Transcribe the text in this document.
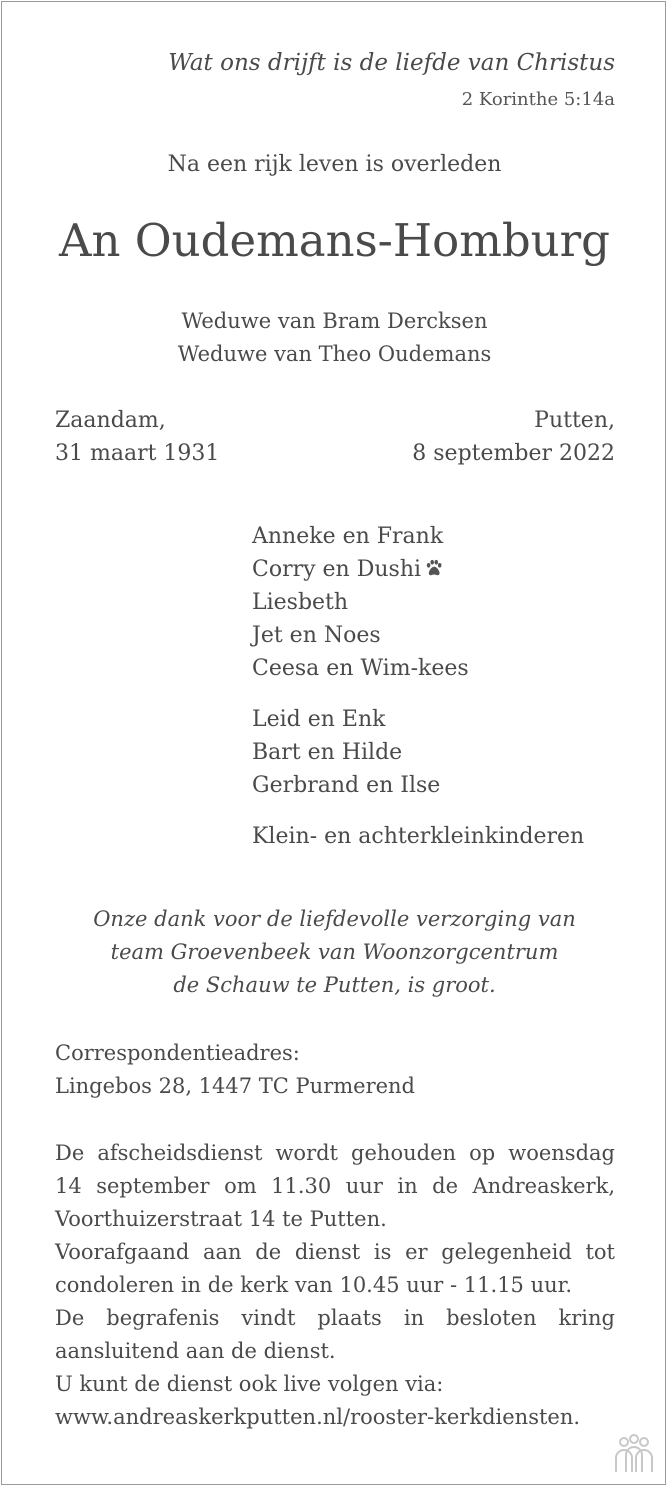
Wat ons drijft is de liefde van Christus
2 Korinthe 5:14a
Na een rijk leven is overleden
An Oudemans-Homburg
Weduwe van Bram Dercksen
Weduwe van Theo Oudemans
Zaandam,
31 maart 1931
Putten,
8 september 2022
Anneke en Frank
Corry en Dushi
Liesbeth
Jet en Noes
Ceesa en Wim-kees
Leid en Enk
Bart en Hilde
Gerbrand en Ilse
Klein- en achterkleinkinderen
Onze dank voor de liefdevolle verzorging van
team Groevenbeek van Woonzorgcentrum
de Schauw te Putten, is groot.
Correspondentieadres:
Lingebos 28, 1447 TC Purmerend
De afscheidsdienst wordt gehouden op woensdag
14 september om 11.30 uur in de Andreaskerk,
Voorthuizerstraat 14 te Putten.
Voorafgaand aan de dienst is er gelegenheid tot
condoleren in de kerk van 10.45 uur - 11.15 uur.
De begrafenis vindt plaats in besloten kring
aansluitend aan de dienst.
U kunt de dienst ook live volgen via:
www.andreaskerkputten.nl/rooster-kerkdiensten.
